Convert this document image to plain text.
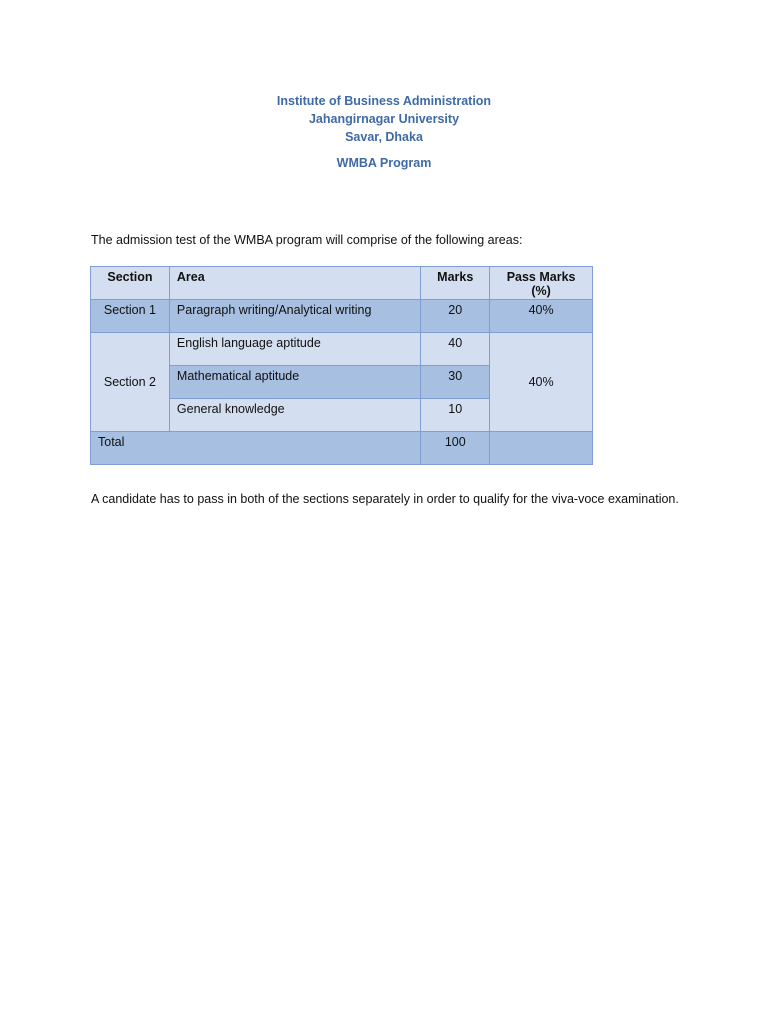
Institute of Business Administration
Jahangirnagar University
Savar, Dhaka
WMBA Program
The admission test of the WMBA program will comprise of the following areas:
Section	Area	Marks	Pass Marks (%)
Section 1	Paragraph writing/Analytical writing	20	40%
Section 2	English language aptitude	40	40%
	Mathematical aptitude	30	
	General knowledge	10	
Total		100	
A candidate has to pass in both of the sections separately in order to qualify for the viva-voce examination.
